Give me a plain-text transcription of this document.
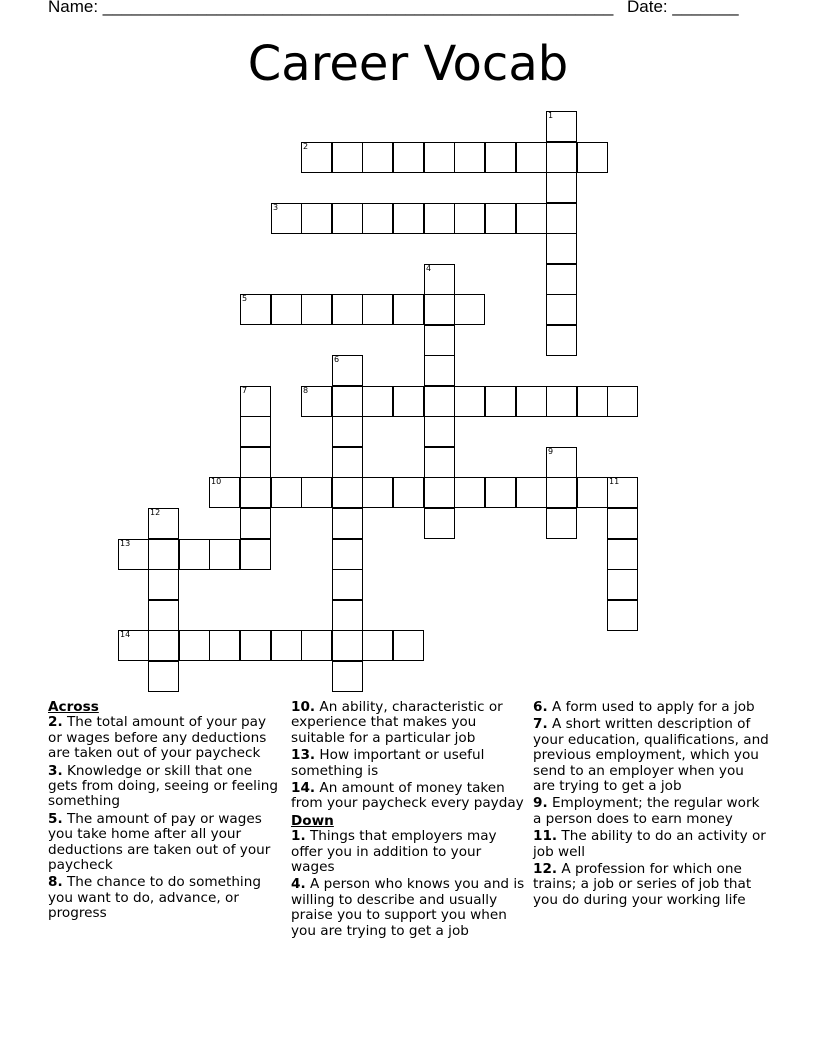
Name: ______________________________________________________ Date: _______
Career Vocab
1
2
3
4
5
6
7	8
9
10	11
12
13
14
Across
2. The total amount of your pay or wages before any deductions are taken out of your paycheck
3. Knowledge or skill that one gets from doing, seeing or feeling something
5. The amount of pay or wages you take home after all your deductions are taken out of your paycheck
8. The chance to do something you want to do, advance, or progress
10. An ability, characteristic or experience that makes you suitable for a particular job
13. How important or useful something is
14. An amount of money taken from your paycheck every payday
Down
1. Things that employers may offer you in addition to your wages
4. A person who knows you and is willing to describe and usually praise you to support you when you are trying to get a job
6. A form used to apply for a job
7. A short written description of your education, qualifications, and previous employment, which you send to an employer when you are trying to get a job
9. Employment; the regular work a person does to earn money
11. The ability to do an activity or job well
12. A profession for which one trains; a job or series of job that you do during your working life
